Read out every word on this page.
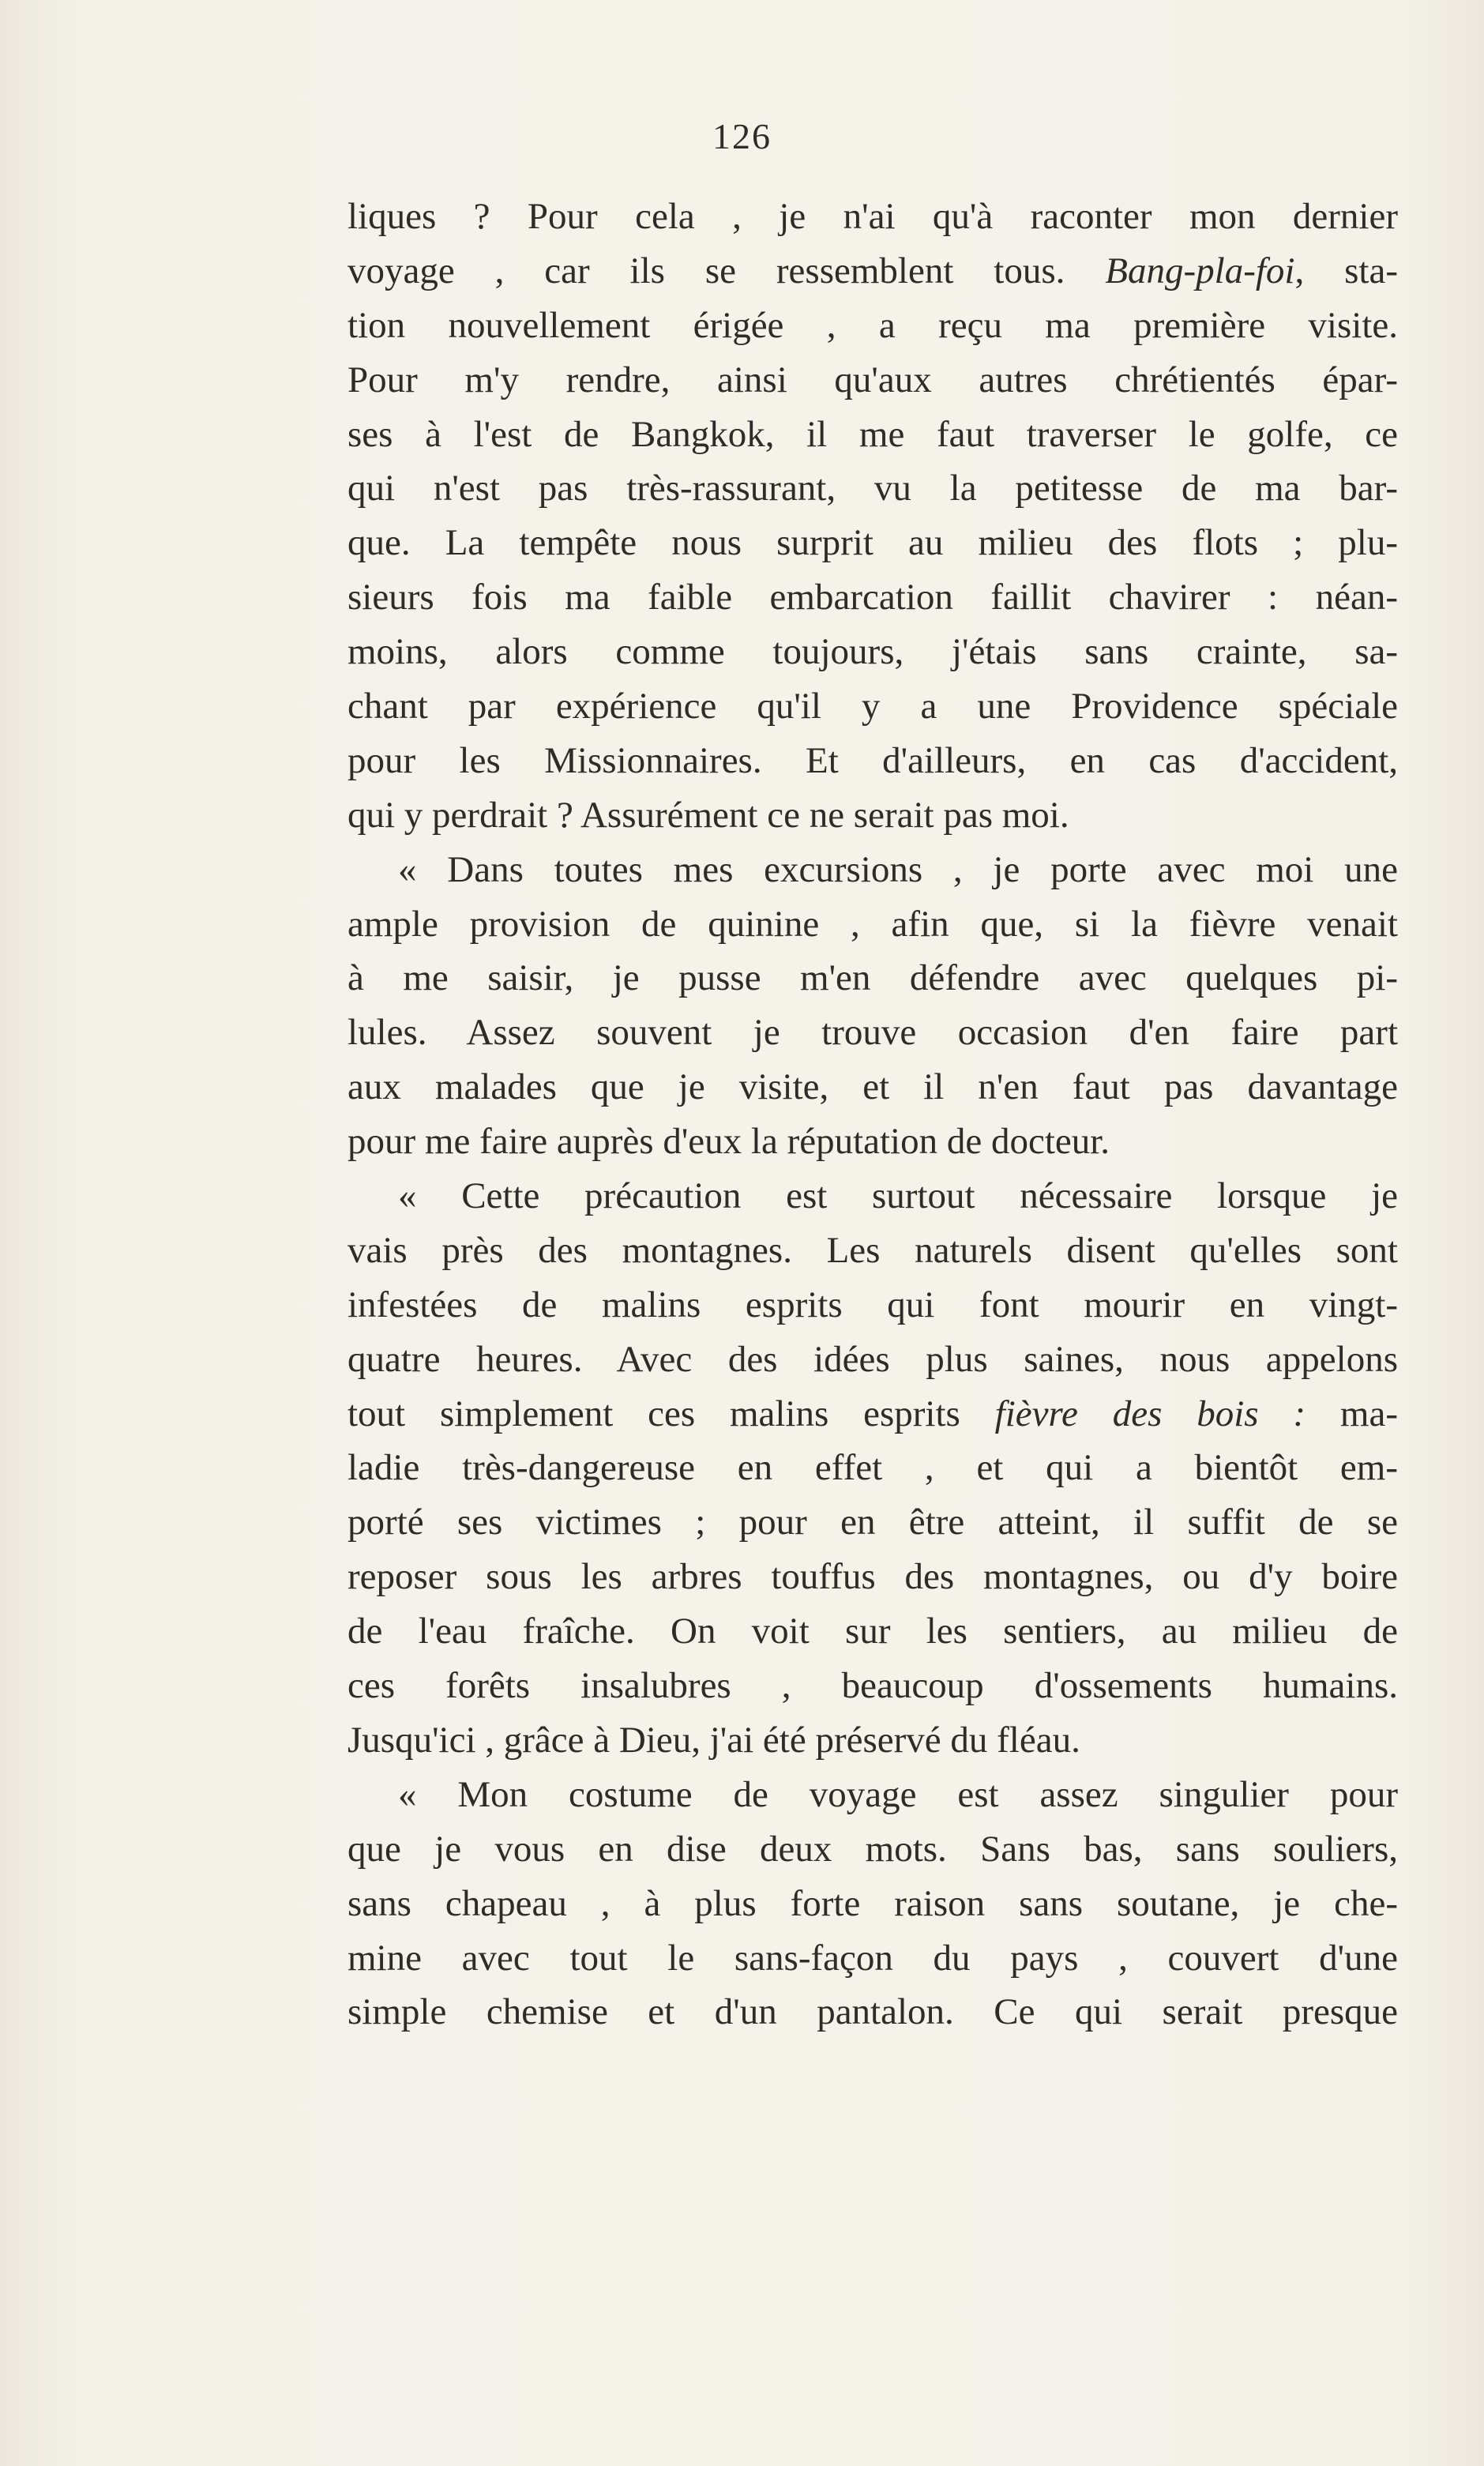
126
liques ? Pour cela , je n'ai qu'à raconter mon dernier
voyage , car ils se ressemblent tous. Bang-pla-foi, sta-
tion nouvellement érigée , a reçu ma première visite.
Pour m'y rendre, ainsi qu'aux autres chrétientés épar-
ses à l'est de Bangkok, il me faut traverser le golfe, ce
qui n'est pas très-rassurant, vu la petitesse de ma bar-
que. La tempête nous surprit au milieu des flots ; plu-
sieurs fois ma faible embarcation faillit chavirer : néan-
moins, alors comme toujours, j'étais sans crainte, sa-
chant par expérience qu'il y a une Providence spéciale
pour les Missionnaires. Et d'ailleurs, en cas d'accident,
qui y perdrait ? Assurément ce ne serait pas moi.
« Dans toutes mes excursions , je porte avec moi une
ample provision de quinine , afin que, si la fièvre venait
à me saisir, je pusse m'en défendre avec quelques pi-
lules. Assez souvent je trouve occasion d'en faire part
aux malades que je visite, et il n'en faut pas davantage
pour me faire auprès d'eux la réputation de docteur.
« Cette précaution est surtout nécessaire lorsque je
vais près des montagnes. Les naturels disent qu'elles sont
infestées de malins esprits qui font mourir en vingt-
quatre heures. Avec des idées plus saines, nous appelons
tout simplement ces malins esprits fièvre des bois : ma-
ladie très-dangereuse en effet , et qui a bientôt em-
porté ses victimes ; pour en être atteint, il suffit de se
reposer sous les arbres touffus des montagnes, ou d'y boire
de l'eau fraîche. On voit sur les sentiers, au milieu de
ces forêts insalubres , beaucoup d'ossements humains.
Jusqu'ici , grâce à Dieu, j'ai été préservé du fléau.
« Mon costume de voyage est assez singulier pour
que je vous en dise deux mots. Sans bas, sans souliers,
sans chapeau , à plus forte raison sans soutane, je che-
mine avec tout le sans-façon du pays , couvert d'une
simple chemise et d'un pantalon. Ce qui serait presque
